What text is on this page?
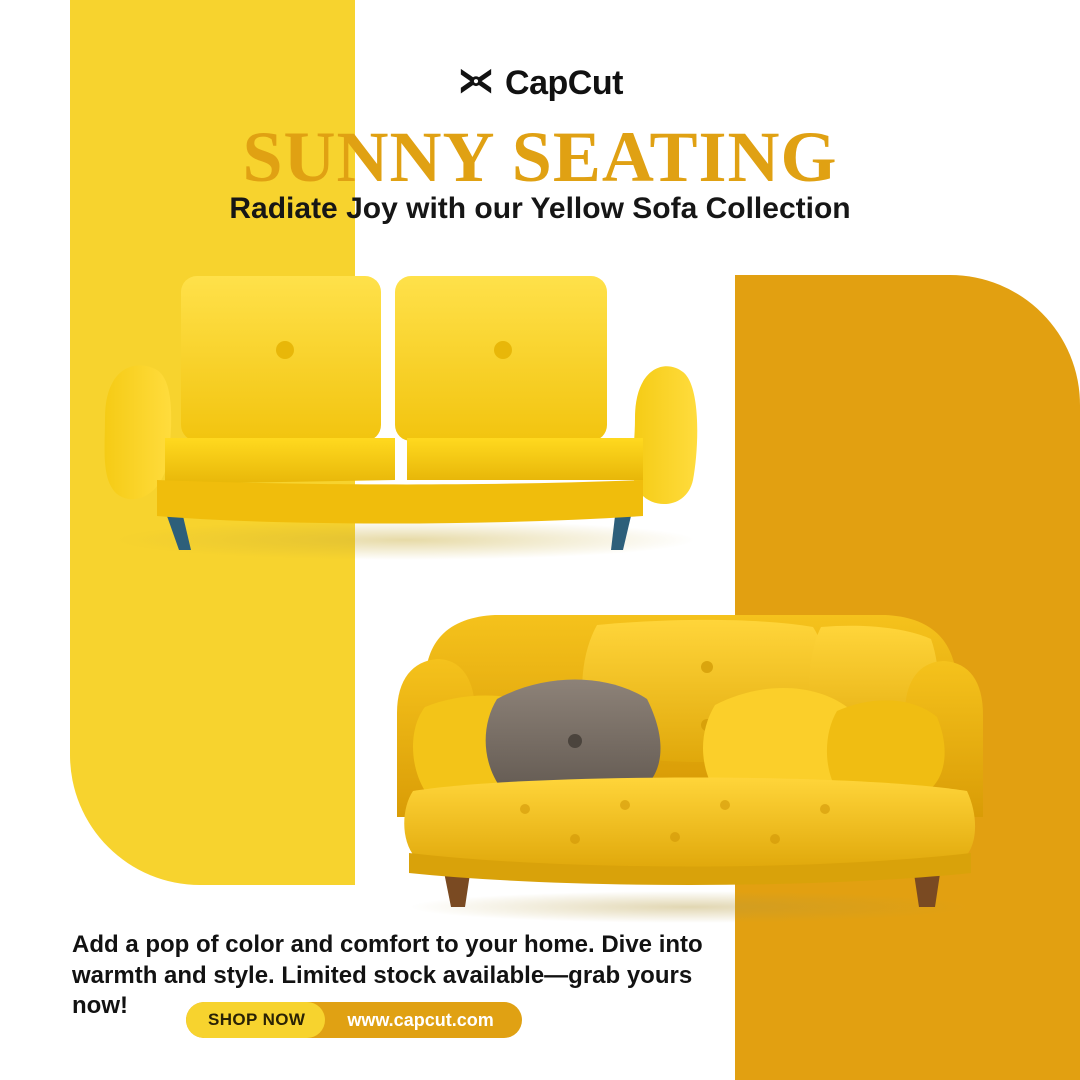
CapCut
SUNNY SEATING
Radiate Joy with our Yellow Sofa Collection
Add a pop of color and comfort to your home. Dive into warmth and style. Limited stock available—grab yours now!
SHOP NOW	www.capcut.com
